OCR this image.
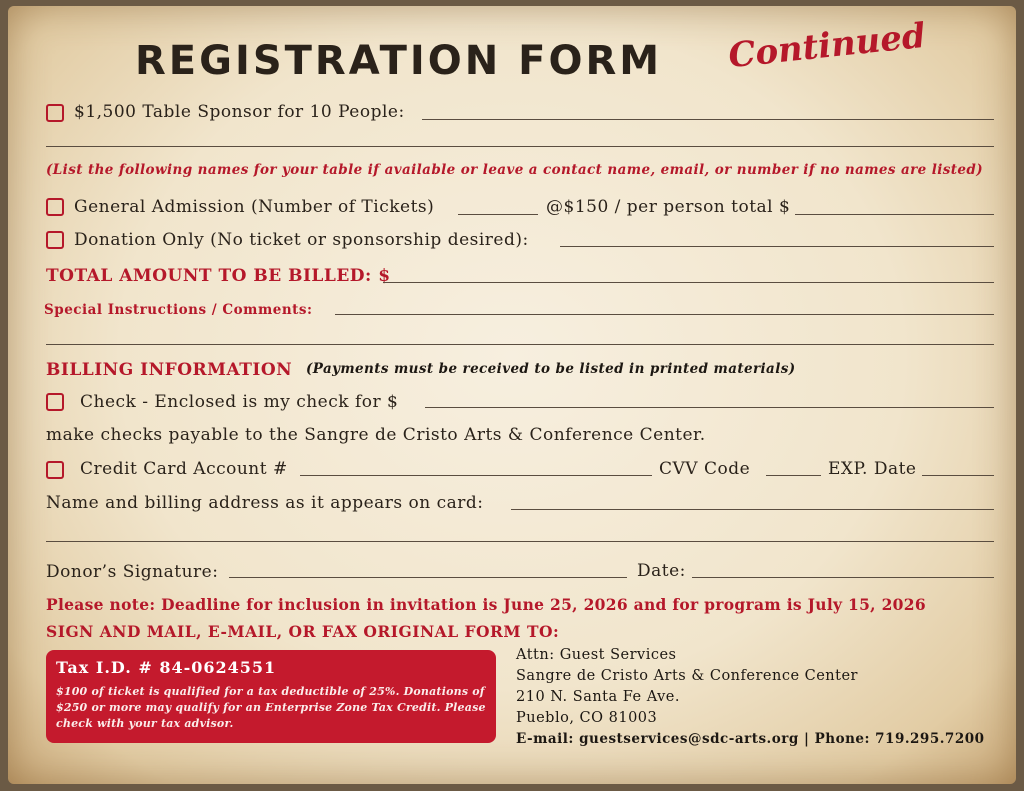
REGISTRATION FORM Continued
$1,500 Table Sponsor for 10 People:
(List the following names for your table if available or leave a contact name, email, or number if no names are listed)
General Admission (Number of Tickets)	@$150 / per person total $
Donation Only (No ticket or sponsorship desired):
TOTAL AMOUNT TO BE BILLED: $
Special Instructions / Comments:
BILLING INFORMATION (Payments must be received to be listed in printed materials)
Check - Enclosed is my check for $
make checks payable to the Sangre de Cristo Arts & Conference Center.
Credit Card Account #	CVV Code	EXP. Date
Name and billing address as it appears on card:
Donor’s Signature:	Date:
Please note: Deadline for inclusion in invitation is June 25, 2026 and for program is July 15, 2026
SIGN AND MAIL, E-MAIL, OR FAX ORIGINAL FORM TO:
Tax I.D. # 84-0624551
$100 of ticket is qualified for a tax deductible of 25%. Donations of $250 or more may qualify for an Enterprise Zone Tax Credit. Please check with your tax advisor.
Attn: Guest Services
Sangre de Cristo Arts & Conference Center
210 N. Santa Fe Ave.
Pueblo, CO 81003
E-mail: guestservices@sdc-arts.org | Phone: 719.295.7200
